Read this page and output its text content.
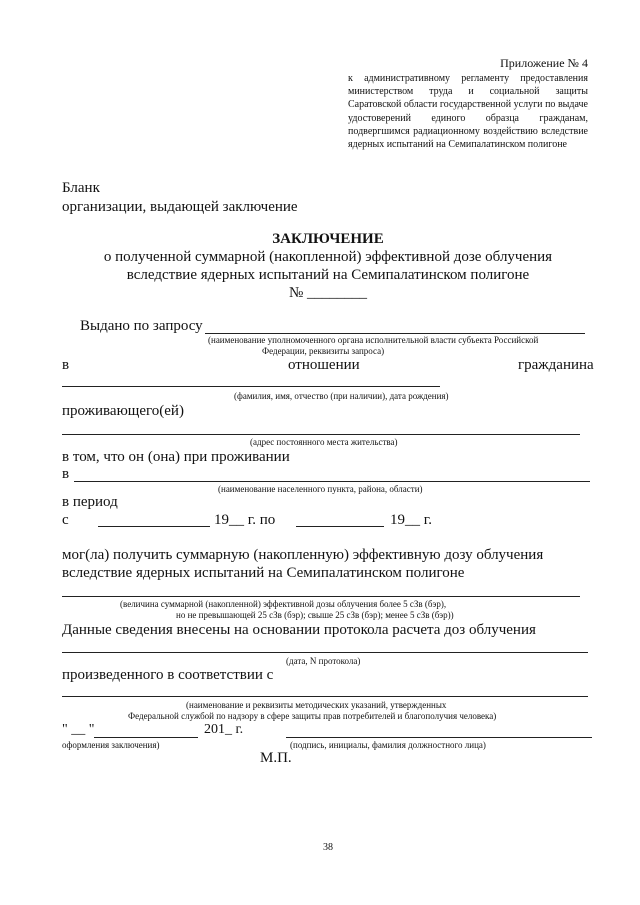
Приложение № 4
к административному регламенту предоставления министерством труда и социальной защиты Саратовской области государственной услуги по выдаче удостоверений единого образца гражданам, подвергшимся радиационному воздействию вследствие ядерных испытаний на Семипалатинском полигоне
Бланк
организации, выдающей заключение
ЗАКЛЮЧЕНИЕ
о полученной суммарной (накопленной) эффективной дозе облучения
вследствие ядерных испытаний на Семипалатинском полигоне
№ ________
Выдано по запросу
(наименование уполномоченного органа исполнительной власти субъекта Российской
Федерации, реквизиты запроса)
в	отношении	гражданина
(фамилия, имя, отчество (при наличии), дата рождения)
проживающего(ей)
(адрес постоянного места жительства)
в том, что он (она) при проживании
в
(наименование населенного пункта, района, области)
в период
с	19__ г. по	19__ г.
мог(ла) получить суммарную (накопленную) эффективную дозу облучения
вследствие ядерных испытаний на Семипалатинском полигоне
(величина суммарной (накопленной) эффективной дозы облучения более 5 сЗв (бэр),
но не превышающей 25 сЗв (бэр); свыше 25 сЗв (бэр); менее 5 сЗв (бэр))
Данные сведения внесены на основании протокола расчета доз облучения
(дата, N протокола)
произведенного в соответствии с
(наименование и реквизиты методических указаний, утвержденных
Федеральной службой по надзору в сфере защиты прав потребителей и благополучия человека)
" __ "	201_ г.
оформления заключения)	(подпись, инициалы, фамилия должностного лица)
М.П.
38
